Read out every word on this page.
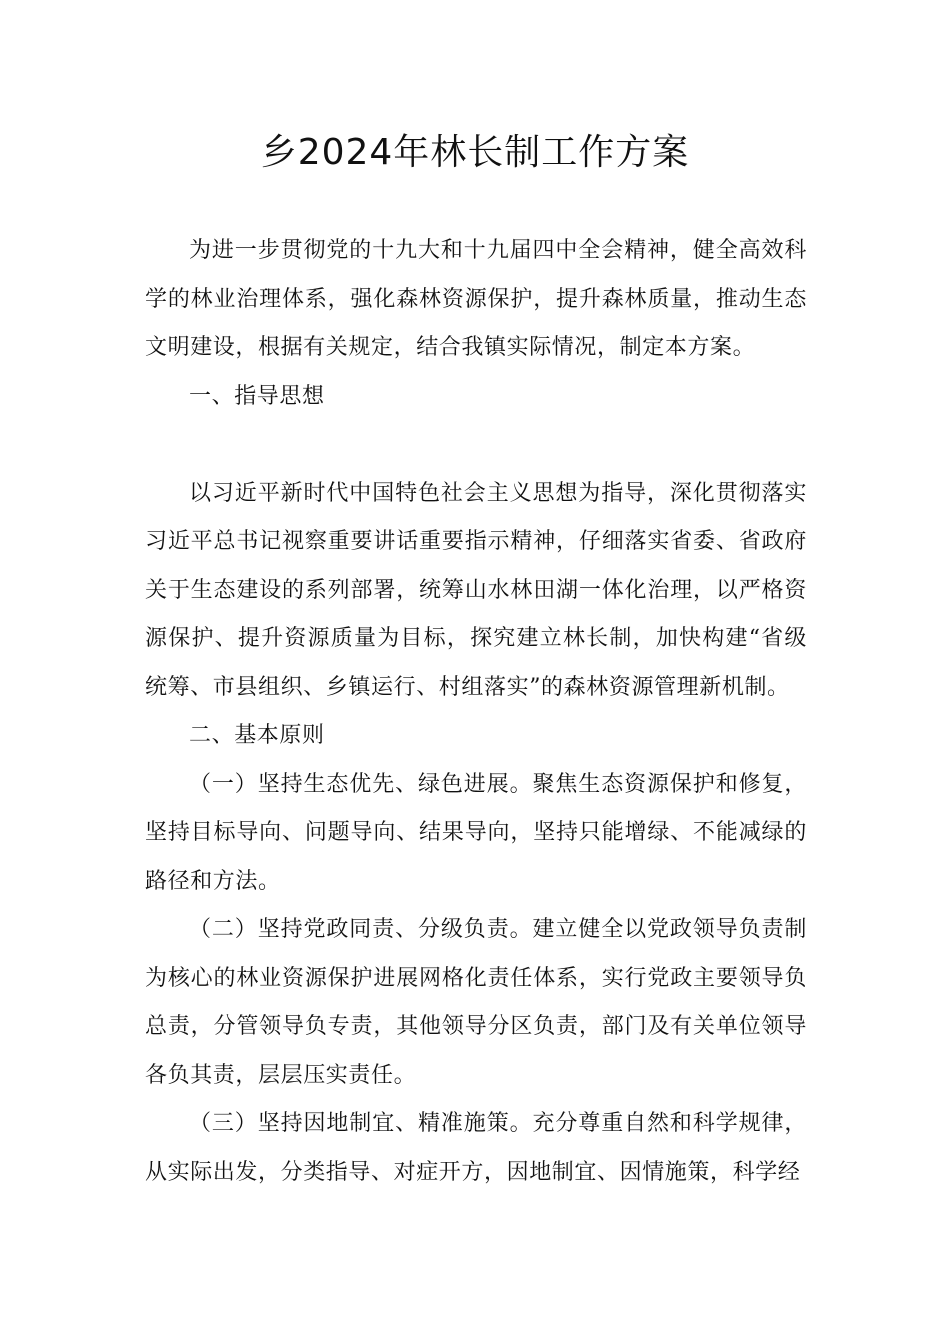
乡2024年林长制工作方案

为进一步贯彻党的十九大和十九届四中全会精神，健全高效科学的林业治理体系，强化森林资源保护，提升森林质量，推动生态文明建设，根据有关规定，结合我镇实际情况，制定本方案。

一、指导思想

以习近平新时代中国特色社会主义思想为指导，深化贯彻落实习近平总书记视察重要讲话重要指示精神，仔细落实省委、省政府关于生态建设的系列部署，统筹山水林田湖一体化治理，以严格资源保护、提升资源质量为目标，探究建立林长制，加快构建“省级统筹、市县组织、乡镇运行、村组落实”的森林资源管理新机制。

二、基本原则

（一）坚持生态优先、绿色进展。聚焦生态资源保护和修复，坚持目标导向、问题导向、结果导向，坚持只能增绿、不能减绿的路径和方法。

（二）坚持党政同责、分级负责。建立健全以党政领导负责制为核心的林业资源保护进展网格化责任体系，实行党政主要领导负总责，分管领导负专责，其他领导分区负责，部门及有关单位领导各负其责，层层压实责任。

（三）坚持因地制宜、精准施策。充分尊重自然和科学规律，从实际出发，分类指导、对症开方，因地制宜、因情施策，科学经
